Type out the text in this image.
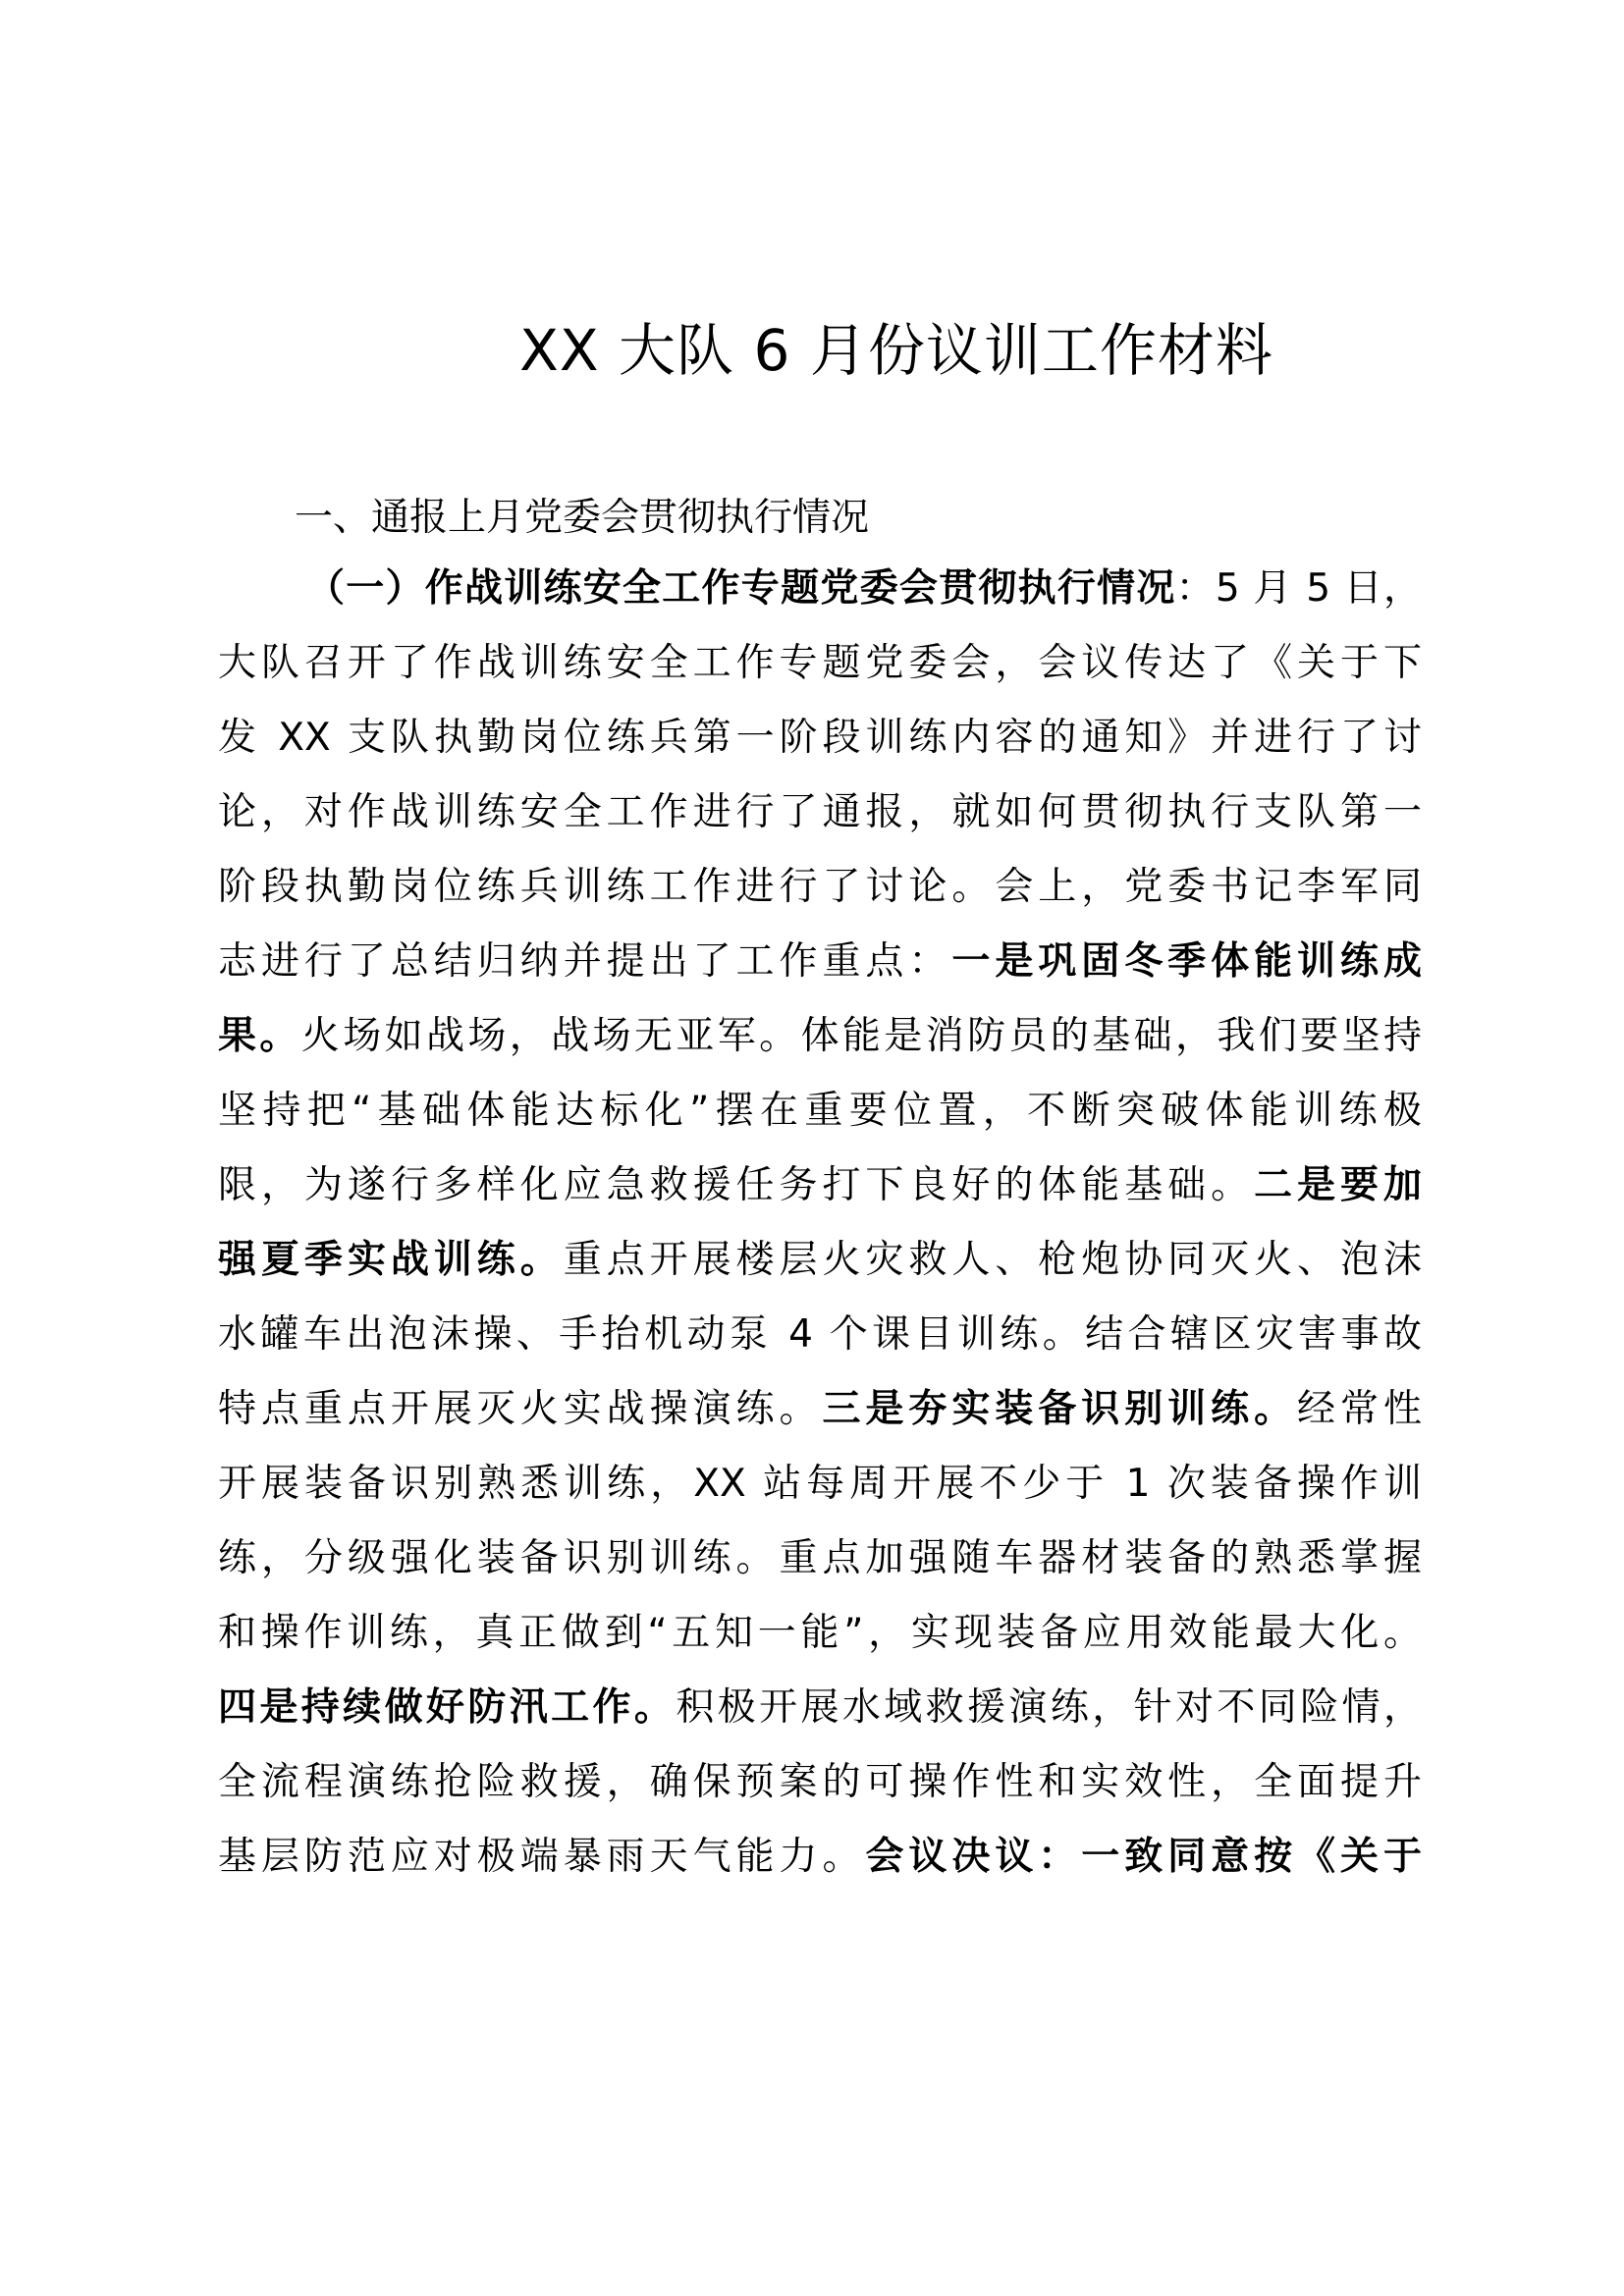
XX 大队 6 月份议训工作材料
一、通报上月党委会贯彻执行情况
（一）作战训练安全工作专题党委会贯彻执行情况：5 月 5 日，
大队召开了作战训练安全工作专题党委会，会议传达了《关于下
发 XX 支队执勤岗位练兵第一阶段训练内容的通知》并进行了讨
论，对作战训练安全工作进行了通报，就如何贯彻执行支队第一
阶段执勤岗位练兵训练工作进行了讨论。会上，党委书记李军同
志进行了总结归纳并提出了工作重点：一是巩固冬季体能训练成
果。火场如战场，战场无亚军。体能是消防员的基础，我们要坚持
坚持把“基础体能达标化”摆在重要位置，不断突破体能训练极
限，为遂行多样化应急救援任务打下良好的体能基础。二是要加
强夏季实战训练。重点开展楼层火灾救人、枪炮协同灭火、泡沫
水罐车出泡沫操、手抬机动泵 4 个课目训练。结合辖区灾害事故
特点重点开展灭火实战操演练。三是夯实装备识别训练。经常性
开展装备识别熟悉训练，XX 站每周开展不少于 1 次装备操作训
练，分级强化装备识别训练。重点加强随车器材装备的熟悉掌握
和操作训练，真正做到“五知一能”，实现装备应用效能最大化。
四是持续做好防汛工作。积极开展水域救援演练，针对不同险情，
全流程演练抢险救援，确保预案的可操作性和实效性，全面提升
基层防范应对极端暴雨天气能力。会议决议：一致同意按《关于
